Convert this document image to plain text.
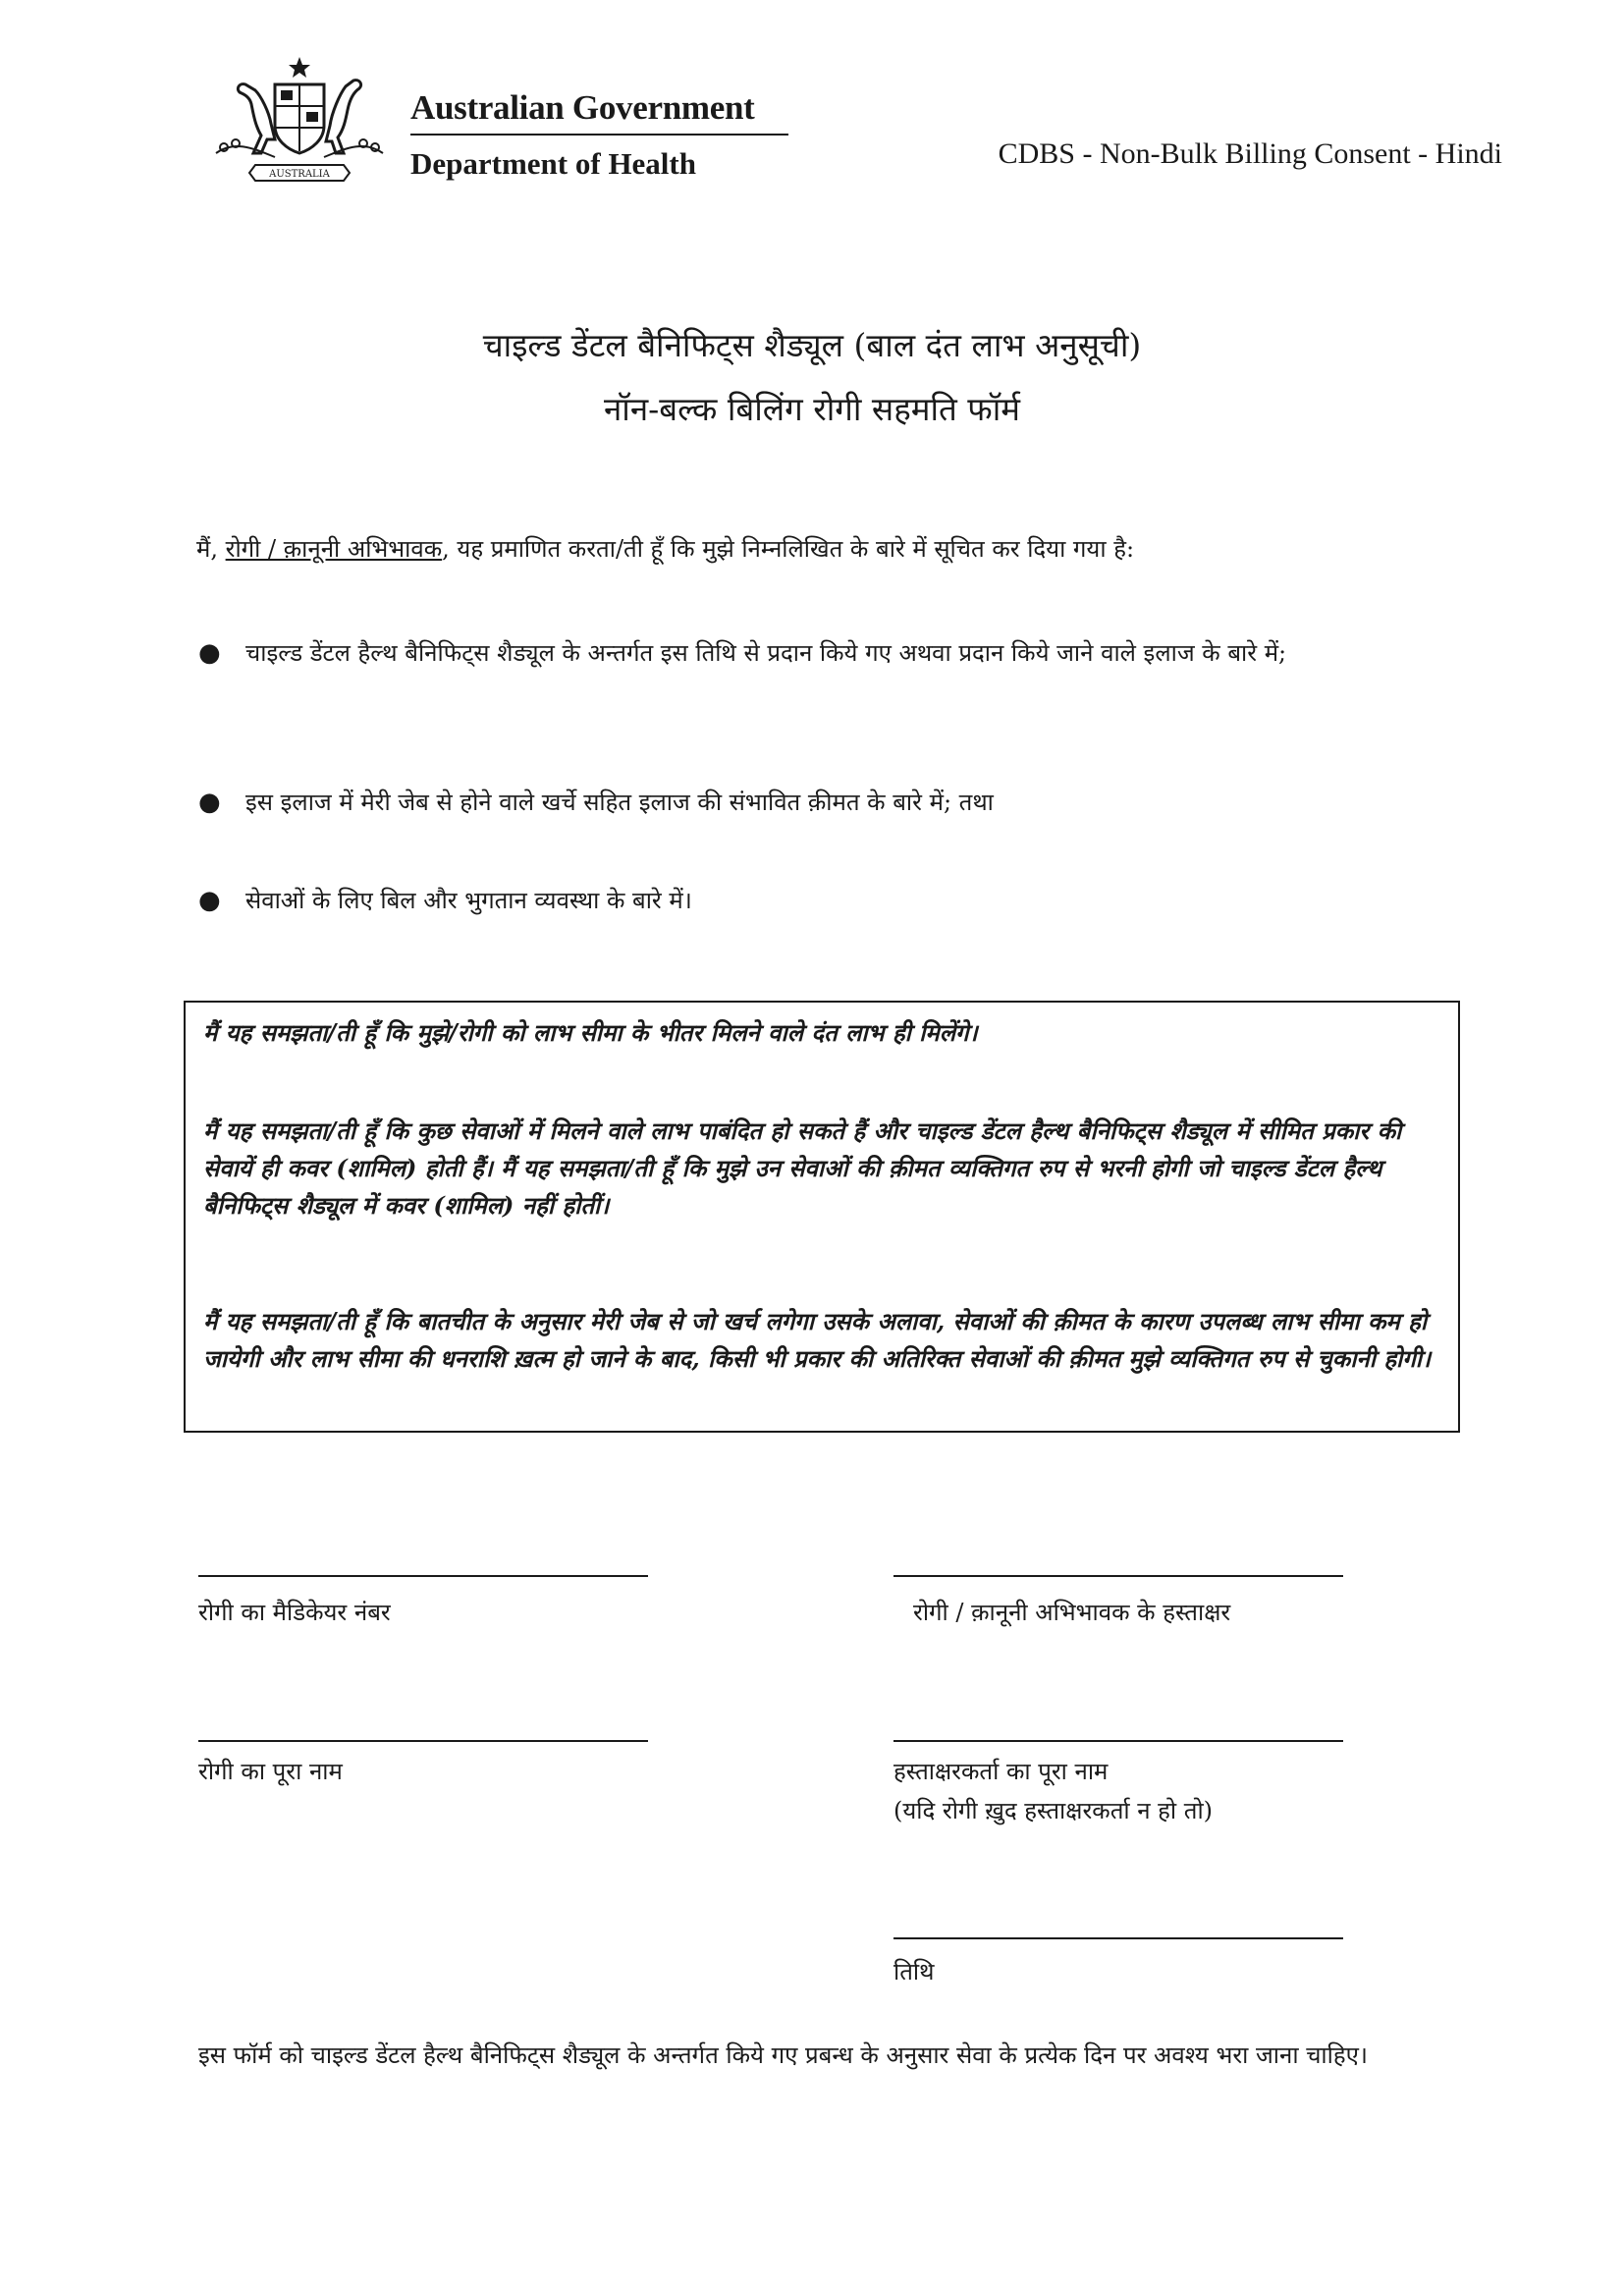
AUSTRALIA
Australian Government
Department of Health	CDBS - Non-Bulk Billing Consent - Hindi
चाइल्ड डेंटल बैनिफिट्स शैड्यूल (बाल दंत लाभ अनुसूची)
नॉन-बल्क बिलिंग रोगी सहमति फॉर्म
मैं, रोगी / क़ानूनी अभिभावक, यह प्रमाणित करता/ती हूँ कि मुझे निम्नलिखित के बारे में सूचित कर दिया गया है:
● चाइल्ड डेंटल हैल्थ बैनिफिट्स शैड्यूल के अन्तर्गत इस तिथि से प्रदान किये गए अथवा प्रदान किये जाने वाले इलाज के बारे में;
● इस इलाज में मेरी जेब से होने वाले खर्चे सहित इलाज की संभावित क़ीमत के बारे में; तथा
● सेवाओं के लिए बिल और भुगतान व्यवस्था के बारे में।
मैं यह समझता/ती हूँ कि मुझे/रोगी को लाभ सीमा के भीतर मिलने वाले दंत लाभ ही मिलेंगे।
मैं यह समझता/ती हूँ कि कुछ सेवाओं में मिलने वाले लाभ पाबंदित हो सकते हैं और चाइल्ड डेंटल हैल्थ बैनिफिट्स शैड्यूल में सीमित प्रकार की सेवायें ही कवर (शामिल) होती हैं। मैं यह समझता/ती हूँ कि मुझे उन सेवाओं की क़ीमत व्यक्तिगत रुप से भरनी होगी जो चाइल्ड डेंटल हैल्थ बैनिफिट्स शैड्यूल में कवर (शामिल) नहीं होतीं।
मैं यह समझता/ती हूँ कि बातचीत के अनुसार मेरी जेब से जो खर्च लगेगा उसके अलावा, सेवाओं की क़ीमत के कारण उपलब्ध लाभ सीमा कम हो जायेगी और लाभ सीमा की धनराशि ख़त्म हो जाने के बाद, किसी भी प्रकार की अतिरिक्त सेवाओं की क़ीमत मुझे व्यक्तिगत रुप से चुकानी होगी।
रोगी का मैडिकेयर नंबर	रोगी / क़ानूनी अभिभावक के हस्ताक्षर
रोगी का पूरा नाम	हस्ताक्षरकर्ता का पूरा नाम
(यदि रोगी ख़ुद हस्ताक्षरकर्ता न हो तो)
तिथि
इस फॉर्म को चाइल्ड डेंटल हैल्थ बैनिफिट्स शैड्यूल के अन्तर्गत किये गए प्रबन्ध के अनुसार सेवा के प्रत्येक दिन पर अवश्य भरा जाना चाहिए।
